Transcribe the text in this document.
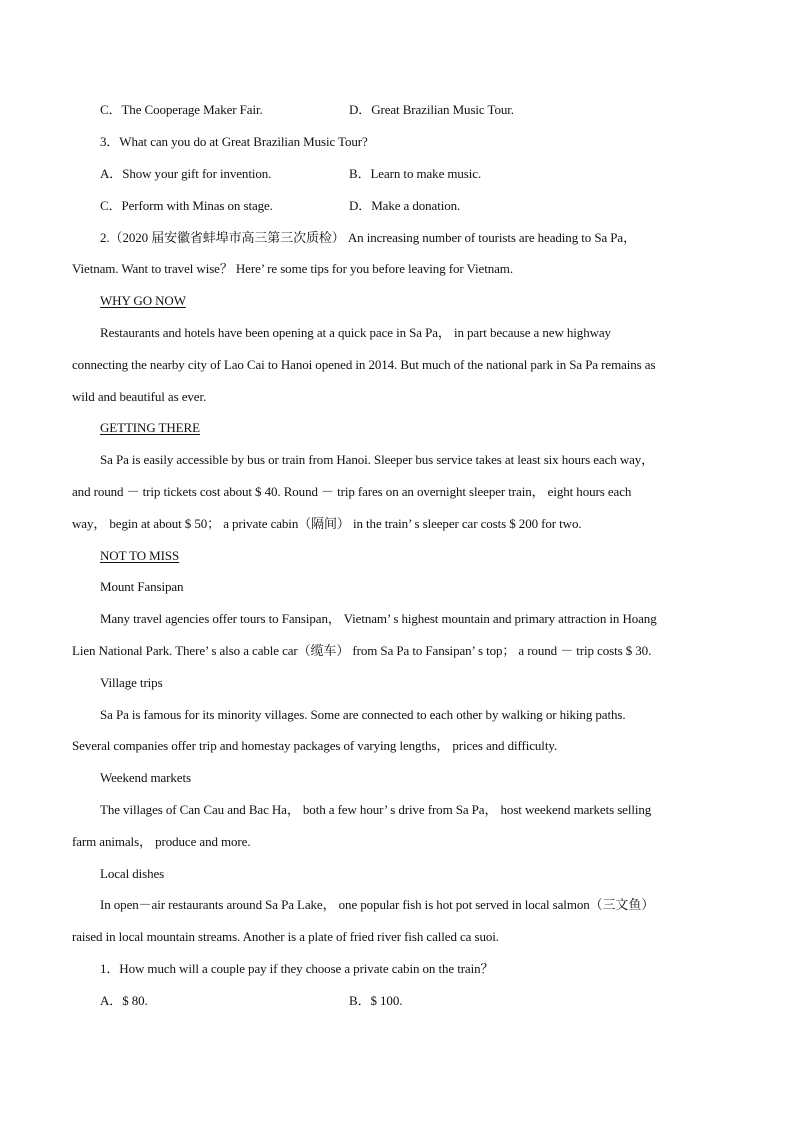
C．The Cooperage Maker Fair.	D．Great Brazilian Music Tour.
3．What can you do at Great Brazilian Music Tour?
A．Show your gift for invention.	B．Learn to make music.
C．Perform with Minas on stage.	D．Make a donation.
2.（2020 届安徽省蚌埠市高三第三次质检） An increasing number of tourists are heading to Sa Pa，
Vietnam. Want to travel wise？ Here’ re some tips for you before leaving for Vietnam.
WHY GO NOW
Restaurants and hotels have been opening at a quick pace in Sa Pa， in part because a new highway
connecting the nearby city of Lao Cai to Hanoi opened in 2014. But much of the national park in Sa Pa remains as
wild and beautiful as ever.
GETTING THERE
Sa Pa is easily accessible by bus or train from Hanoi. Sleeper bus service takes at least six hours each way，
and round － trip tickets cost about $ 40. Round － trip fares on an overnight sleeper train， eight hours each
way， begin at about $ 50； a private cabin（隔间） in the train’ s sleeper car costs $ 200 for two.
NOT TO MISS
Mount Fansipan
Many travel agencies offer tours to Fansipan， Vietnam’ s highest mountain and primary attraction in Hoang
Lien National Park. There’ s also a cable car（缆车） from Sa Pa to Fansipan’ s top； a round － trip costs $ 30.
Village trips
Sa Pa is famous for its minority villages. Some are connected to each other by walking or hiking paths.
Several companies offer trip and homestay packages of varying lengths， prices and difficulty.
Weekend markets
The villages of Can Cau and Bac Ha， both a few hour’ s drive from Sa Pa， host weekend markets selling
farm animals， produce and more.
Local dishes
In open－air restaurants around Sa Pa Lake， one popular fish is hot pot served in local salmon（三文鱼）
raised in local mountain streams. Another is a plate of fried river fish called ca suoi.
1．How much will a couple pay if they choose a private cabin on the train？
A．$ 80.	B．$ 100.
